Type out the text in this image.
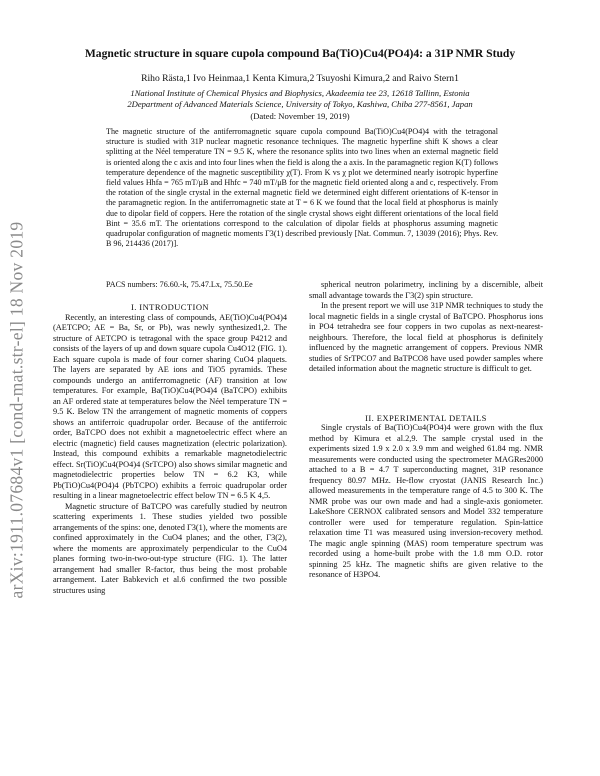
arXiv:1911.07684v1 [cond-mat.str-el] 18 Nov 2019
Magnetic structure in square cupola compound Ba(TiO)Cu4(PO4)4: a 31P NMR Study
Riho Rästa,1 Ivo Heinmaa,1 Kenta Kimura,2 Tsuyoshi Kimura,2 and Raivo Stern1
1National Institute of Chemical Physics and Biophysics, Akadeemia tee 23, 12618 Tallinn, Estonia
2Department of Advanced Materials Science, University of Tokyo, Kashiwa, Chiba 277-8561, Japan
(Dated: November 19, 2019)
The magnetic structure of the antiferromagnetic square cupola compound Ba(TiO)Cu4(PO4)4 with the tetragonal structure is studied with 31P nuclear magnetic resonance techniques. The magnetic hyperfine shift K shows a clear splitting at the Néel temperature TN = 9.5 K, where the resonance splits into two lines when an external magnetic field is oriented along the c axis and into four lines when the field is along the a axis. In the paramagnetic region K(T) follows temperature dependence of the magnetic susceptibility χ(T). From K vs χ plot we determined nearly isotropic hyperfine field values Hhfa = 765 mT/μB and Hhfc = 740 mT/μB for the magnetic field oriented along a and c, respectively. From the rotation of the single crystal in the external magnetic field we determined eight different orientations of K-tensor in the paramagnetic region. In the antiferromagnetic state at T = 6 K we found that the local field at phosphorus is mainly due to dipolar field of coppers. Here the rotation of the single crystal shows eight different orientations of the local field Bint = 35.6 mT. The orientations correspond to the calculation of dipolar fields at phosphorus assuming magnetic quadrupolar configuration of magnetic moments Γ3(1) described previously [Nat. Commun. 7, 13039 (2016); Phys. Rev. B 96, 214436 (2017)].
PACS numbers: 76.60.-k, 75.47.Lx, 75.50.Ee

I. INTRODUCTION

Recently, an interesting class of compounds, AE(TiO)Cu4(PO4)4 (AETCPO; AE = Ba, Sr, or Pb), was newly synthesized1,2. The structure of AETCPO is tetragonal with the space group P4212 and consists of the layers of up and down square cupola Cu4O12 (FIG. 1). Each square cupola is made of four corner sharing CuO4 plaquets. The layers are separated by AE ions and TiO5 pyramids. These compounds undergo an antiferromagnetic (AF) transition at low temperatures. For example, Ba(TiO)Cu4(PO4)4 (BaTCPO) exhibits an AF ordered state at temperatures below the Néel temperature TN = 9.5 K. Below TN the arrangement of magnetic moments of coppers shows an antiferroic quadrupolar order. Because of the antiferroic order, BaTCPO does not exhibit a magnetoelectric effect where an electric (magnetic) field causes magnetization (electric polarization). Instead, this compound exhibits a remarkable magnetodielectric effect. Sr(TiO)Cu4(PO4)4 (SrTCPO) also shows similar magnetic and magnetodielectric properties below TN = 6.2 K3, while Pb(TiO)Cu4(PO4)4 (PbTCPO) exhibits a ferroic quadrupolar order resulting in a linear magnetoelectric effect below TN = 6.5 K 4,5.

Magnetic structure of BaTCPO was carefully studied by neutron scattering experiments 1. These studies yielded two possible arrangements of the spins: one, denoted Γ3(1), where the moments are confined approximately in the CuO4 planes; and the other, Γ3(2), where the moments are approximately perpendicular to the CuO4 planes forming two-in-two-out-type structure (FIG. 1). The latter arrangement had smaller R-factor, thus being the most probable arrangement. Later Babkevich et al.6 confirmed the two possible structures using

spherical neutron polarimetry, inclining by a discernible, albeit small advantage towards the Γ3(2) spin structure.

In the present report we will use 31P NMR techniques to study the local magnetic fields in a single crystal of BaTCPO. Phosphorus ions in PO4 tetrahedra see four coppers in two cupolas as next-nearest-neighbours. Therefore, the local field at phosphorus is definitely influenced by the magnetic arrangement of coppers. Previous NMR studies of SrTPCO7 and BaTPCO8 have used powder samples where detailed information about the magnetic structure is difficult to get.

II. EXPERIMENTAL DETAILS

Single crystals of Ba(TiO)Cu4(PO4)4 were grown with the flux method by Kimura et al.2,9. The sample crystal used in the experiments sized 1.9 x 2.0 x 3.9 mm and weighed 61.84 mg. NMR measurements were conducted using the spectrometer MAGRes2000 attached to a B = 4.7 T superconducting magnet, 31P resonance frequency 80.97 MHz. He-flow cryostat (JANIS Research Inc.) allowed measurements in the temperature range of 4.5 to 300 K. The NMR probe was our own made and had a single-axis goniometer. LakeShore CERNOX calibrated sensors and Model 332 temperature controller were used for temperature regulation. Spin-lattice relaxation time T1 was measured using inversion-recovery method. The magic angle spinning (MAS) room temperature spectrum was recorded using a home-built probe with the 1.8 mm O.D. rotor spinning 25 kHz. The magnetic shifts are given relative to the resonance of H3PO4.
